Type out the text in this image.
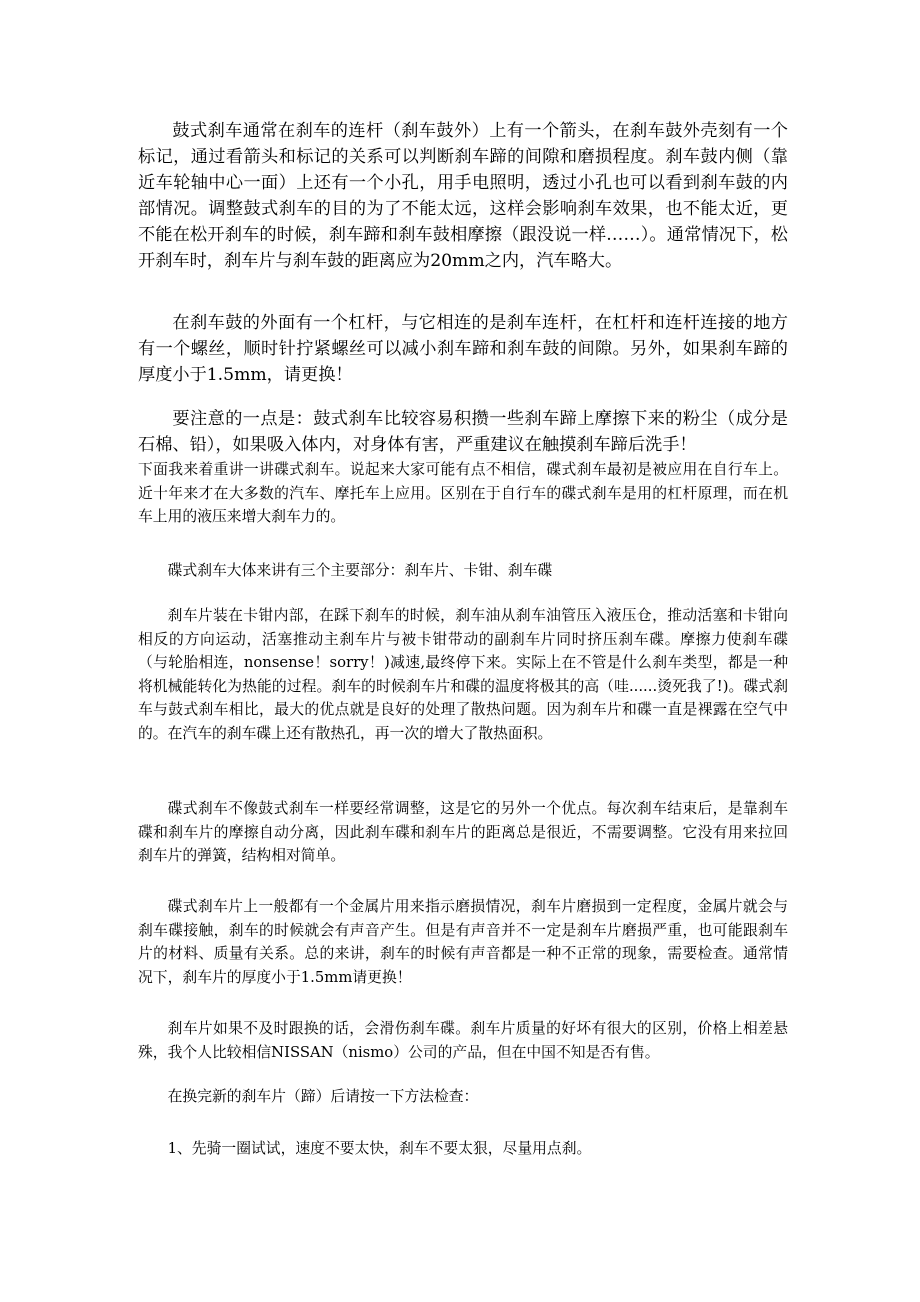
鼓式刹车通常在刹车的连杆（刹车鼓外）上有一个箭头，在刹车鼓外壳刻有一个标记，通过看箭头和标记的关系可以判断刹车蹄的间隙和磨损程度。刹车鼓内侧（靠近车轮轴中心一面）上还有一个小孔，用手电照明，透过小孔也可以看到刹车鼓的内部情况。调整鼓式刹车的目的为了不能太远，这样会影响刹车效果，也不能太近，更不能在松开刹车的时候，刹车蹄和刹车鼓相摩擦（跟没说一样……）。通常情况下，松开刹车时，刹车片与刹车鼓的距离应为20mm之内，汽车略大。

在刹车鼓的外面有一个杠杆，与它相连的是刹车连杆，在杠杆和连杆连接的地方有一个螺丝，顺时针拧紧螺丝可以减小刹车蹄和刹车鼓的间隙。另外，如果刹车蹄的厚度小于1.5mm，请更换！

要注意的一点是：鼓式刹车比较容易积攒一些刹车蹄上摩擦下来的粉尘（成分是石棉、铅），如果吸入体内，对身体有害，严重建议在触摸刹车蹄后洗手！

下面我来着重讲一讲碟式刹车。说起来大家可能有点不相信，碟式刹车最初是被应用在自行车上。近十年来才在大多数的汽车、摩托车上应用。区别在于自行车的碟式刹车是用的杠杆原理，而在机车上用的液压来增大刹车力的。

碟式刹车大体来讲有三个主要部分：刹车片、卡钳、刹车碟

刹车片装在卡钳内部，在踩下刹车的时候，刹车油从刹车油管压入液压仓，推动活塞和卡钳向相反的方向运动，活塞推动主刹车片与被卡钳带动的副刹车片同时挤压刹车碟。摩擦力使刹车碟（与轮胎相连，nonsense！sorry！)减速,最终停下来。实际上在不管是什么刹车类型，都是一种将机械能转化为热能的过程。刹车的时候刹车片和碟的温度将极其的高（哇......烫死我了!)。碟式刹车与鼓式刹车相比，最大的优点就是良好的处理了散热问题。因为刹车片和碟一直是裸露在空气中的。在汽车的刹车碟上还有散热孔，再一次的增大了散热面积。

碟式刹车不像鼓式刹车一样要经常调整，这是它的另外一个优点。每次刹车结束后，是靠刹车碟和刹车片的摩擦自动分离，因此刹车碟和刹车片的距离总是很近，不需要调整。它没有用来拉回刹车片的弹簧，结构相对简单。

碟式刹车片上一般都有一个金属片用来指示磨损情况，刹车片磨损到一定程度，金属片就会与刹车碟接触，刹车的时候就会有声音产生。但是有声音并不一定是刹车片磨损严重，也可能跟刹车片的材料、质量有关系。总的来讲，刹车的时候有声音都是一种不正常的现象，需要检查。通常情况下，刹车片的厚度小于1.5mm请更换！

刹车片如果不及时跟换的话，会滑伤刹车碟。刹车片质量的好坏有很大的区别，价格上相差悬殊，我个人比较相信NISSAN（nismo）公司的产品，但在中国不知是否有售。

在换完新的刹车片（蹄）后请按一下方法检查：

1、先骑一圈试试，速度不要太快，刹车不要太狠，尽量用点刹。
